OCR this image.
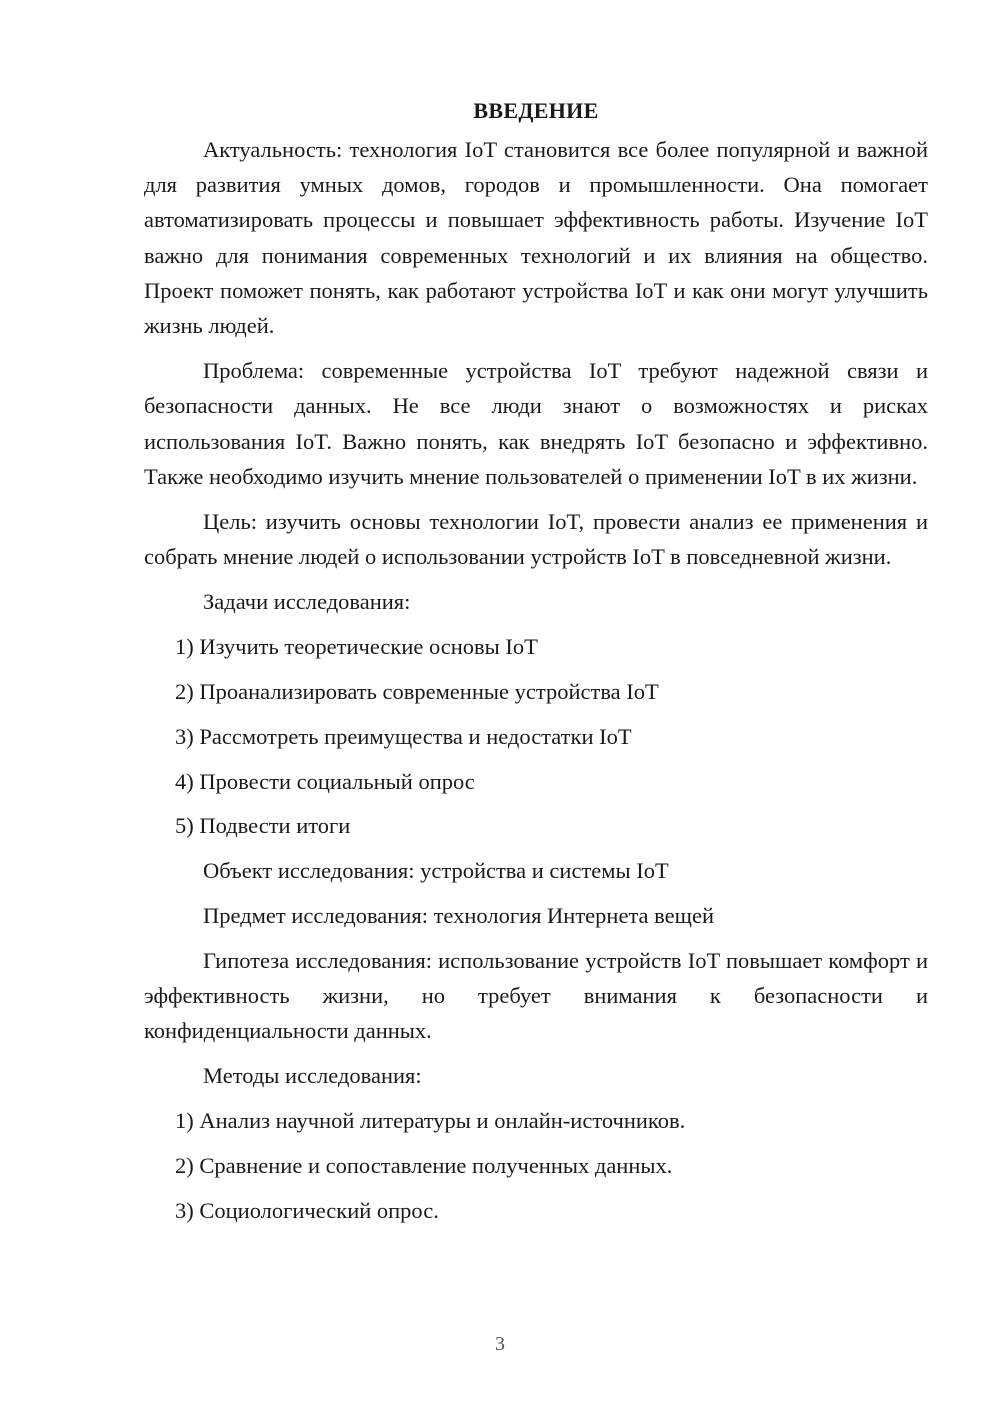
ВВЕДЕНИЕ

Актуальность: технология IoT становится все более популярной и важной для развития умных домов, городов и промышленности. Она помогает автоматизировать процессы и повышает эффективность работы. Изучение IoT важно для понимания современных технологий и их влияния на общество. Проект поможет понять, как работают устройства IoT и как они могут улучшить жизнь людей.

Проблема: современные устройства IoT требуют надежной связи и безопасности данных. Не все люди знают о возможностях и рисках использования IoT. Важно понять, как внедрять IoT безопасно и эффективно. Также необходимо изучить мнение пользователей о применении IoT в их жизни.

Цель: изучить основы технологии IoT, провести анализ ее применения и собрать мнение людей о использовании устройств IoT в повседневной жизни.

Задачи исследования:

1) Изучить теоретические основы IoT
2) Проанализировать современные устройства IoT
3) Рассмотреть преимущества и недостатки IoT
4) Провести социальный опрос
5) Подвести итоги

Объект исследования: устройства и системы IoT

Предмет исследования: технология Интернета вещей

Гипотеза исследования: использование устройств IoT повышает комфорт и эффективность жизни, но требует внимания к безопасности и конфиденциальности данных.

Методы исследования:

1) Анализ научной литературы и онлайн-источников.
2) Сравнение и сопоставление полученных данных.
3) Социологический опрос.
3
